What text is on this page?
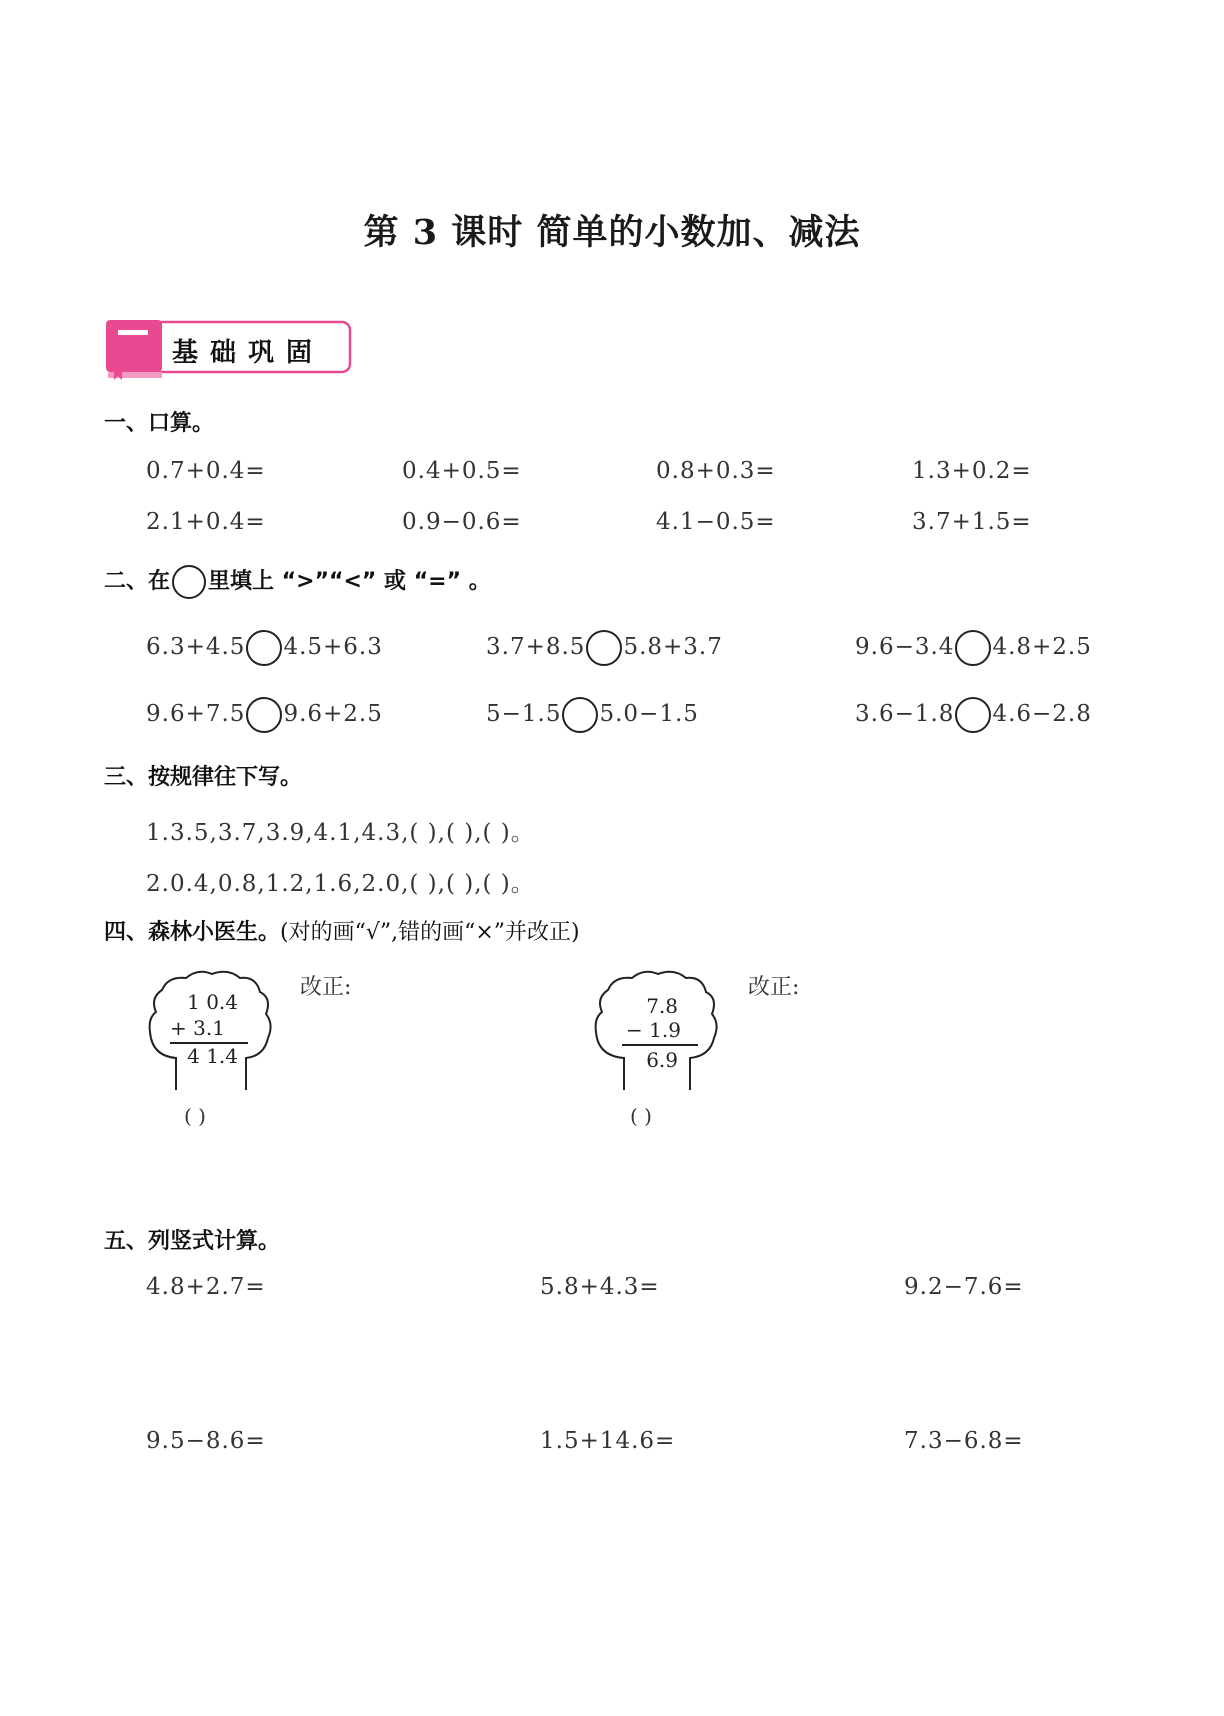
第 3 课时 简单的小数加、减法
基础巩固
一、口算。
0.7+0.4=	0.4+0.5=	0.8+0.3=	1.3+0.2=
2.1+0.4=	0.9−0.6=	4.1−0.5=	3.7+1.5=
二、在 里填上 “>”“<” 或 “=” 。
6.3+4.5 4.5+6.3	3.7+8.5 5.8+3.7	9.6−3.4 4.8+2.5
9.6+7.5 9.6+2.5	5−1.5 5.0−1.5	3.6−1.8 4.6−2.8
三、按规律往下写。
1.3.5,3.7,3.9,4.1,4.3,( ),( ),( )。
2.0.4,0.8,1.2,1.6,2.0,( ),( ),( )。
四、森林小医生。(对的画“√”,错的画“×”并改正)
1 0.4
+ 3.1
4 1.4
( )
改正:
7.8
− 1.9
6.9
( )
改正:
五、列竖式计算。
4.8+2.7=	5.8+4.3=	9.2−7.6=
9.5−8.6=	1.5+14.6=	7.3−6.8=
